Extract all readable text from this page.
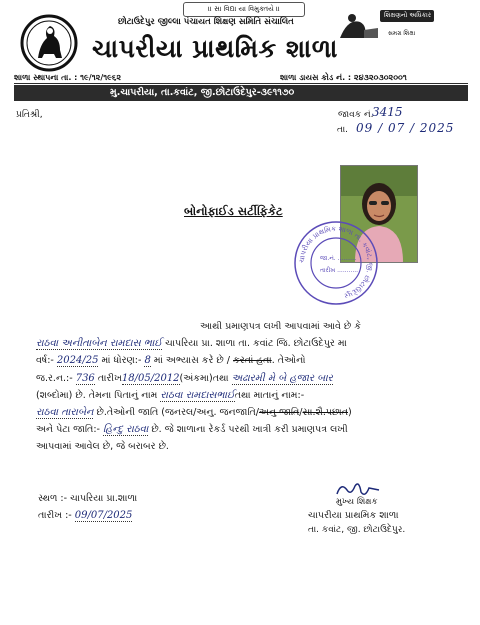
॥ સા વિદ્યા યા વિમુક્તયે ॥
છોટાઉદેપુર જીલ્લા પંચાયત શિક્ષણ સમિતિ સંચાલિત
ચાપરીયા પ્રાથમિક શાળા
શિક્ષણનો અધિકાર
સમગ્ર શિક્ષા
શાળા સ્થાપના તા. : ૧૯/૧૨/૧૯૬૨	શાળા ડાયસ કોડ નં. : ૨૪૩૨૦૩૦૨૦૦૧
મુ.ચાપરીયા, તા.કવાંટ, જી.છોટાઉદેપુર-૩૯૧૧૭૦
પ્રતિશ્રી,	જાવક નં.
3415
તા. 09 / 07 / 2025
ચાપરીયા પ્રાથમિક શાળા તા. કવાંટ, જી. છોટાઉદેપુર
જા.નં. ..........
તારીખ ...........
બોનોફાઈડ સર્ટીફિકેટ
આથી પ્રમાણપત્ર લખી આપવામાં આવે છે કે
રાઠવા અનીતાબેન રામદાસ ભાઈ ચાપરિયા પ્રા. શાળા તા. કવાંટ જિ. છોટાઉદેપુર મા
વર્ષ:- 2024/25 માં ધોરણ:- 8 માં અભ્યાસ કરે છે / કરતાં હતા. તેઓનો
જ.ર.ન.:- 736 તારીખ18/05/2012(અંકમા)તથા અઢારમી મે બે હજાર બાર
(શબ્દોમા) છે. તેમના પિતાનું નામ રાઠવા રામદાસભાઈતથા માતાનું નામ:-
રાઠવા તારાબેન છે.તેઓની જાતિ (જનરલ/અનુ. જનજાતિ/અનુ જાતિ/સા.શૈ.પછાત)
અને પેટા જાતિ:- હિન્દુ રાઠવા છે. જે શાળાના રેકર્ડ પરથી ખાત્રી કરી પ્રમાણપત્ર લખી
આપવામાં આવેલ છે, જે બરાબર છે.
સ્થળ :- ચાપરિયા પ્રા.શાળા
તારીખ :- 09/07/2025
મુખ્ય શિક્ષક
ચાપરીયા પ્રાથમિક શાળા
તા. કવાંટ, જી. છોટાઉદેપુર.
